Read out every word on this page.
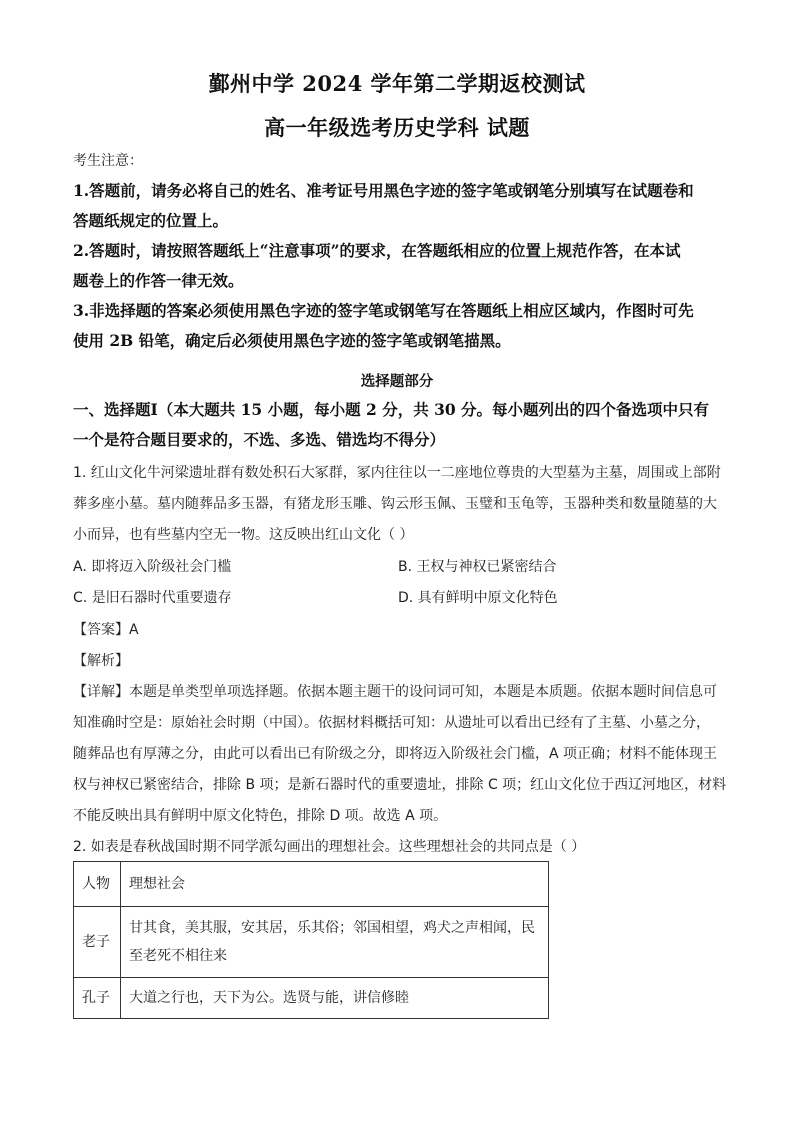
鄞州中学 2024 学年第二学期返校测试
高一年级选考历史学科 试题
考生注意：
1.答题前，请务必将自己的姓名、准考证号用黑色字迹的签字笔或钢笔分别填写在试题卷和
答题纸规定的位置上。
2.答题时，请按照答题纸上“注意事项”的要求，在答题纸相应的位置上规范作答，在本试
题卷上的作答一律无效。
3.非选择题的答案必须使用黑色字迹的签字笔或钢笔写在答题纸上相应区域内，作图时可先
使用 2B 铅笔，确定后必须使用黑色字迹的签字笔或钢笔描黑。
选择题部分
一、选择题Ⅰ（本大题共 15 小题，每小题 2 分，共 30 分。每小题列出的四个备选项中只有
一个是符合题目要求的，不选、多选、错选均不得分）
1. 红山文化牛河梁遗址群有数处积石大冢群，冢内往往以一二座地位尊贵的大型墓为主墓，周围或上部附
葬多座小墓。墓内随葬品多玉器，有猪龙形玉雕、钩云形玉佩、玉璧和玉龟等，玉器种类和数量随墓的大
小而异，也有些墓内空无一物。这反映出红山文化（ ）
A. 即将迈入阶级社会门槛	B. 王权与神权已紧密结合
C. 是旧石器时代重要遗存	D. 具有鲜明中原文化特色
【答案】A
【解析】
【详解】本题是单类型单项选择题。依据本题主题干的设问词可知，本题是本质题。依据本题时间信息可
知准确时空是：原始社会时期（中国）。依据材料概括可知：从遗址可以看出已经有了主墓、小墓之分，
随葬品也有厚薄之分，由此可以看出已有阶级之分，即将迈入阶级社会门槛，A 项正确；材料不能体现王
权与神权已紧密结合，排除 B 项；是新石器时代的重要遗址，排除 C 项；红山文化位于西辽河地区，材料
不能反映出具有鲜明中原文化特色，排除 D 项。故选 A 项。
2. 如表是春秋战国时期不同学派勾画出的理想社会。这些理想社会的共同点是（ ）
人物	理想社会
老子	甘其食，美其服，安其居，乐其俗；邻国相望，鸡犬之声相闻，民
至老死不相往来

孔子	大道之行也，天下为公。选贤与能，讲信修睦
